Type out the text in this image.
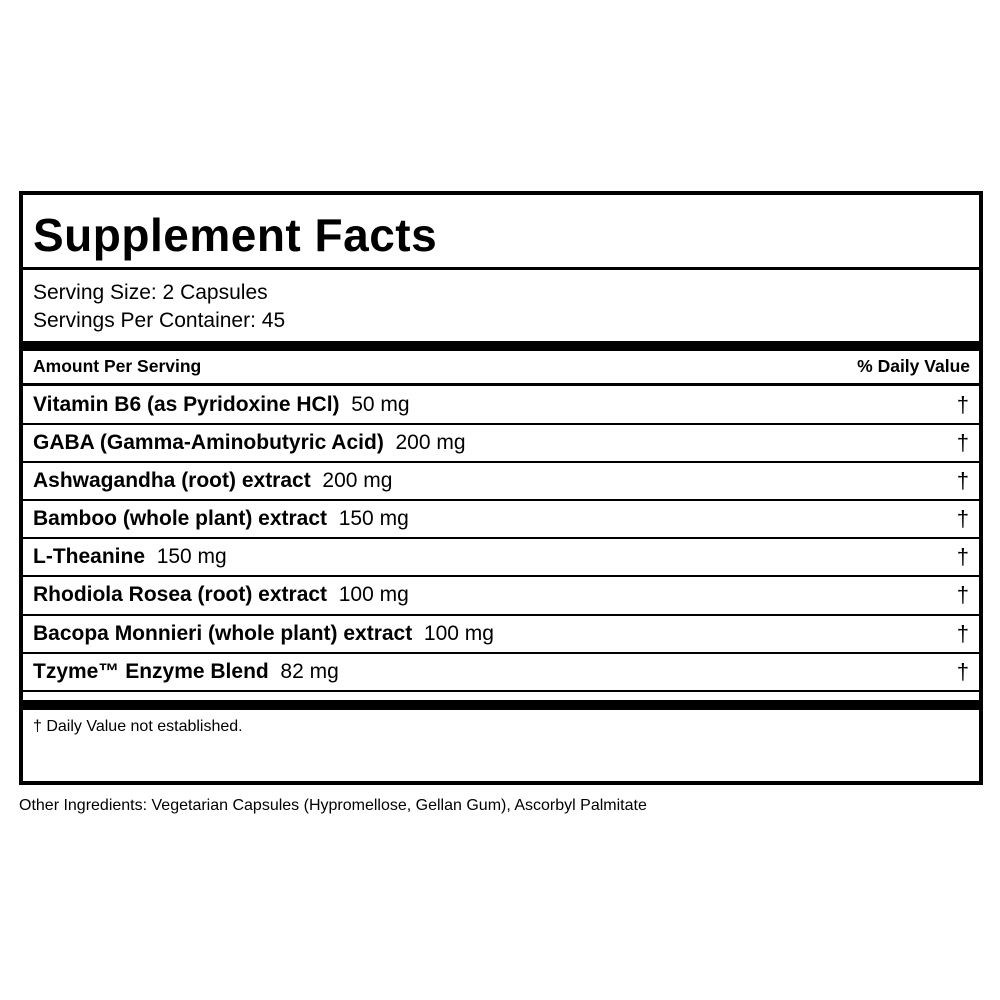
Supplement Facts
Serving Size: 2 Capsules
Servings Per Container: 45
Amount Per Serving	% Daily Value
Vitamin B6 (as Pyridoxine HCl) 50 mg	†
GABA (Gamma-Aminobutyric Acid) 200 mg	†
Ashwagandha (root) extract 200 mg	†
Bamboo (whole plant) extract 150 mg	†
L-Theanine 150 mg	†
Rhodiola Rosea (root) extract 100 mg	†
Bacopa Monnieri (whole plant) extract 100 mg	†
Tzyme™ Enzyme Blend 82 mg	†
† Daily Value not established.
Other Ingredients: Vegetarian Capsules (Hypromellose, Gellan Gum), Ascorbyl Palmitate
